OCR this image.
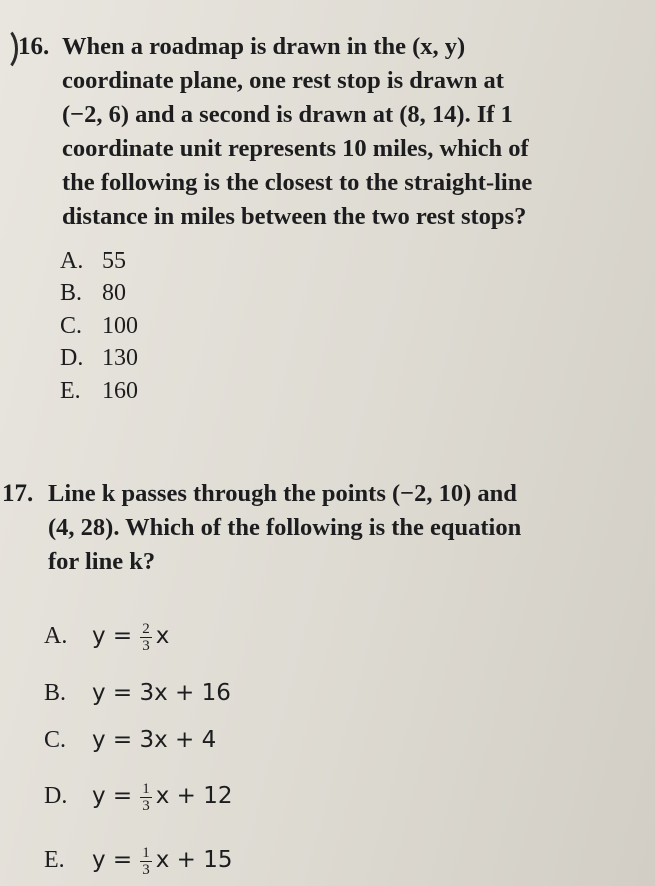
16. When a roadmap is drawn in the (x, y)
coordinate plane, one rest stop is drawn at
(−2, 6) and a second is drawn at (8, 14). If 1
coordinate unit represents 10 miles, which of
the following is the closest to the straight-line
distance in miles between the two rest stops?
A. 55
B. 80
C. 100
D. 130
E. 160
17. Line k passes through the points (−2, 10) and
(4, 28). Which of the following is the equation
for line k?
A. $y = \frac{2}{3}$ x
B. y = 3x + 16
C. y = 3x + 4
D. $y = \frac{1}{3}$ x + 12
E. $y = \frac{1}{3}$ x + 15
